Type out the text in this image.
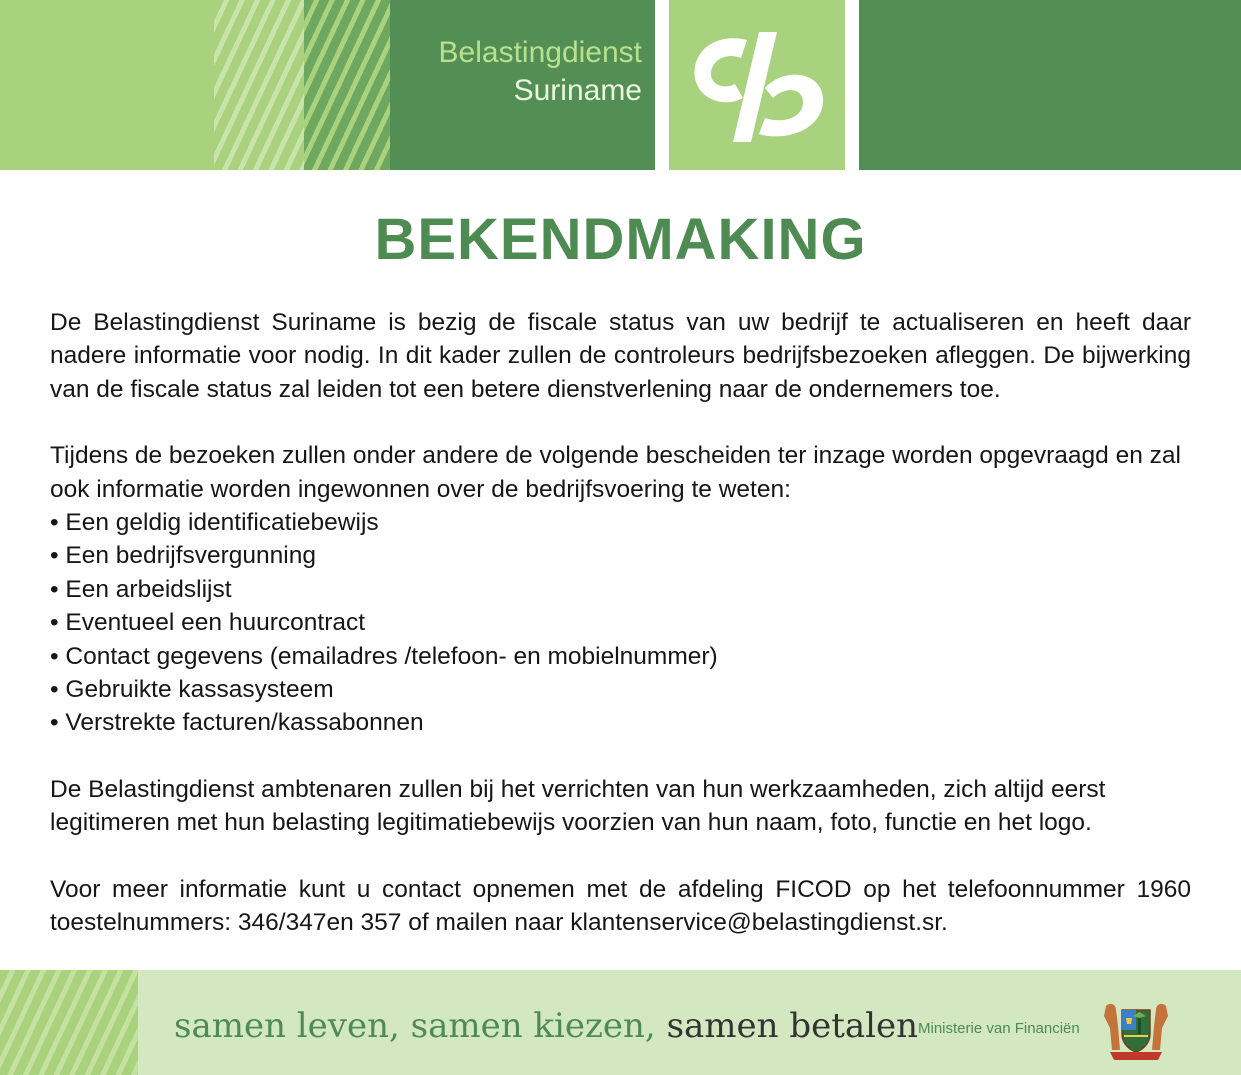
Belastingdienst
Suriname
BEKENDMAKING

De Belastingdienst Suriname is bezig de fiscale status van uw bedrijf te actualiseren en heeft daar nadere informatie voor nodig. In dit kader zullen de controleurs bedrijfsbezoeken afleggen. De bijwerking van de fiscale status zal leiden tot een betere dienstverlening naar de ondernemers toe.

Tijdens de bezoeken zullen onder andere de volgende bescheiden ter inzage worden opgevraagd en zal ook informatie worden ingewonnen over de bedrijfsvoering te weten:

• Een geldig identificatiebewijs
• Een bedrijfsvergunning
• Een arbeidslijst
• Eventueel een huurcontract
• Contact gegevens (emailadres /telefoon- en mobielnummer)
• Gebruikte kassasysteem
• Verstrekte facturen/kassabonnen

De Belastingdienst ambtenaren zullen bij het verrichten van hun werkzaamheden, zich altijd eerst legitimeren met hun belasting legitimatiebewijs voorzien van hun naam, foto, functie en het logo.

Voor meer informatie kunt u contact opnemen met de afdeling FICOD op het telefoonnummer 1960 toestelnummers: 346/347en 357 of mailen naar klantenservice@belastingdienst.sr.

samen leven, samen kiezen, samen betalen Ministerie van Financiën
